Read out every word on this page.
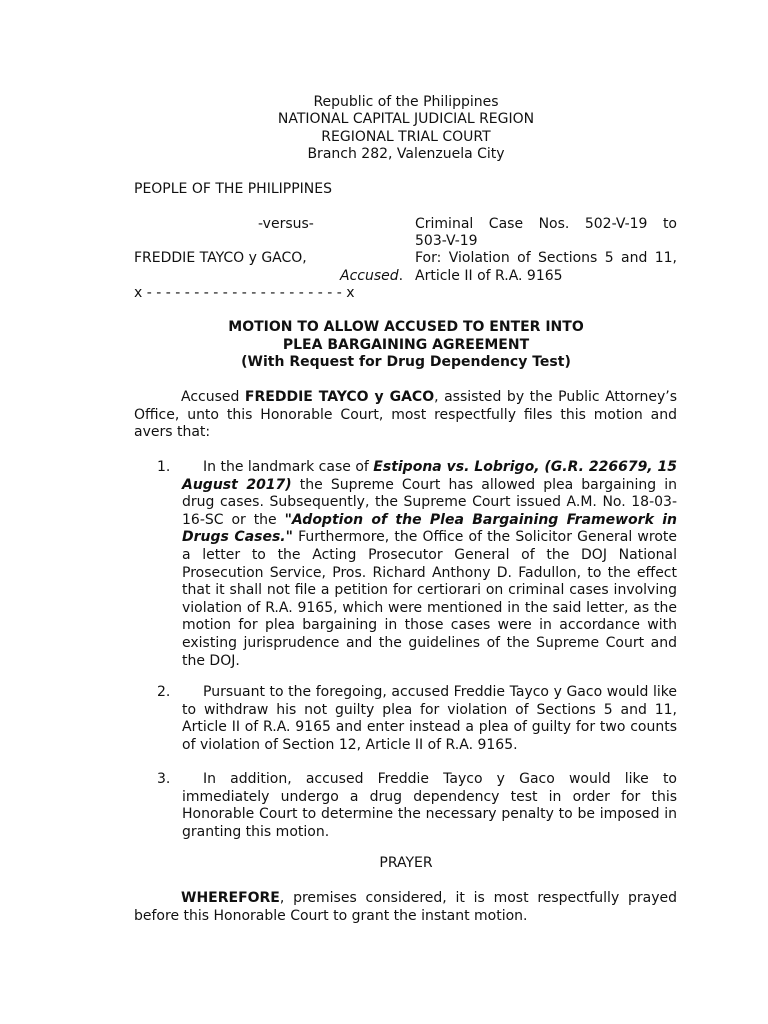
Republic of the Philippines
NATIONAL CAPITAL JUDICIAL REGION
REGIONAL TRIAL COURT
Branch 282, Valenzuela City
PEOPLE OF THE PHILIPPINES
-versus-
FREDDIE TAYCO y GACO,
Accused.
x - - - - - - - - - - - - - - - - - - - - - x
Criminal Case Nos. 502-V-19 to
503-V-19
For: Violation of Sections 5 and 11,
Article II of R.A. 9165
MOTION TO ALLOW ACCUSED TO ENTER INTO
PLEA BARGAINING AGREEMENT
(With Request for Drug Dependency Test)
Accused FREDDIE TAYCO y GACO, assisted by the Public Attorney’s Office, unto this Honorable Court, most respectfully files this motion and avers that:
1.	In the landmark case of Estipona vs. Lobrigo, (G.R. 226679, 15 August 2017) the Supreme Court has allowed plea bargaining in drug cases. Subsequently, the Supreme Court issued A.M. No. 18-03-16-SC or the "Adoption of the Plea Bargaining Framework in Drugs Cases." Furthermore, the Office of the Solicitor General wrote a letter to the Acting Prosecutor General of the DOJ National Prosecution Service, Pros. Richard Anthony D. Fadullon, to the effect that it shall not file a petition for certiorari on criminal cases involving violation of R.A. 9165, which were mentioned in the said letter, as the motion for plea bargaining in those cases were in accordance with existing jurisprudence and the guidelines of the Supreme Court and the DOJ.
2.	Pursuant to the foregoing, accused Freddie Tayco y Gaco would like to withdraw his not guilty plea for violation of Sections 5 and 11, Article II of R.A. 9165 and enter instead a plea of guilty for two counts of violation of Section 12, Article II of R.A. 9165.
3.	In addition, accused Freddie Tayco y Gaco would like to immediately undergo a drug dependency test in order for this Honorable Court to determine the necessary penalty to be imposed in granting this motion.
PRAYER
WHEREFORE, premises considered, it is most respectfully prayed before this Honorable Court to grant the instant motion.
